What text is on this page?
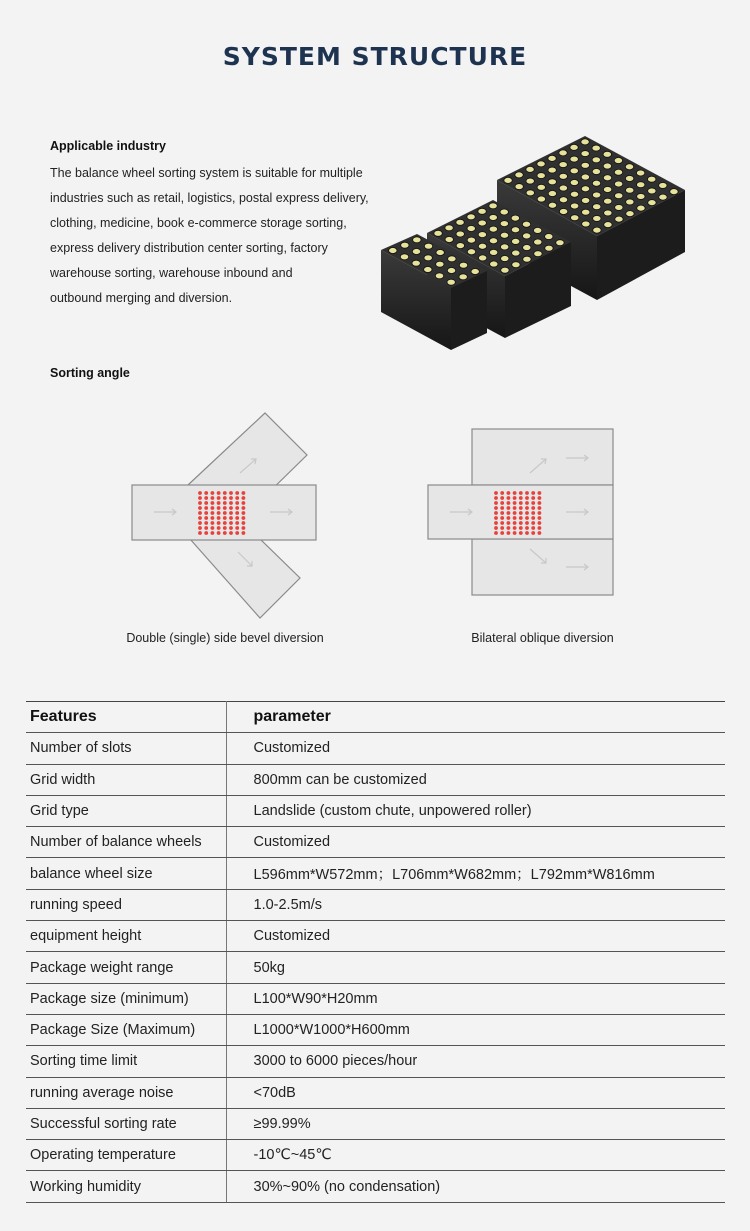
SYSTEM STRUCTURE
Applicable industry
The balance wheel sorting system is suitable for multiple
industries such as retail, logistics, postal express delivery,
clothing, medicine, book e-commerce storage sorting,
express delivery distribution center sorting, factory
warehouse sorting, warehouse inbound and
outbound merging and diversion.
Sorting angle
Double (single) side bevel diversion	Bilateral oblique diversion
Features	parameter
Number of slots	Customized
Grid width	800mm can be customized
Grid type	Landslide (custom chute, unpowered roller)
Number of balance wheels	Customized
balance wheel size	L596mm*W572mm；L706mm*W682mm；L792mm*W816mm
running speed	1.0-2.5m/s
equipment height	Customized
Package weight range	50kg
Package size (minimum)	L100*W90*H20mm
Package Size (Maximum)	L1000*W1000*H600mm
Sorting time limit	3000 to 6000 pieces/hour
running average noise	<70dB
Successful sorting rate	≥99.99%
Operating temperature	-10℃~45℃
Working humidity	30%~90% (no condensation)
